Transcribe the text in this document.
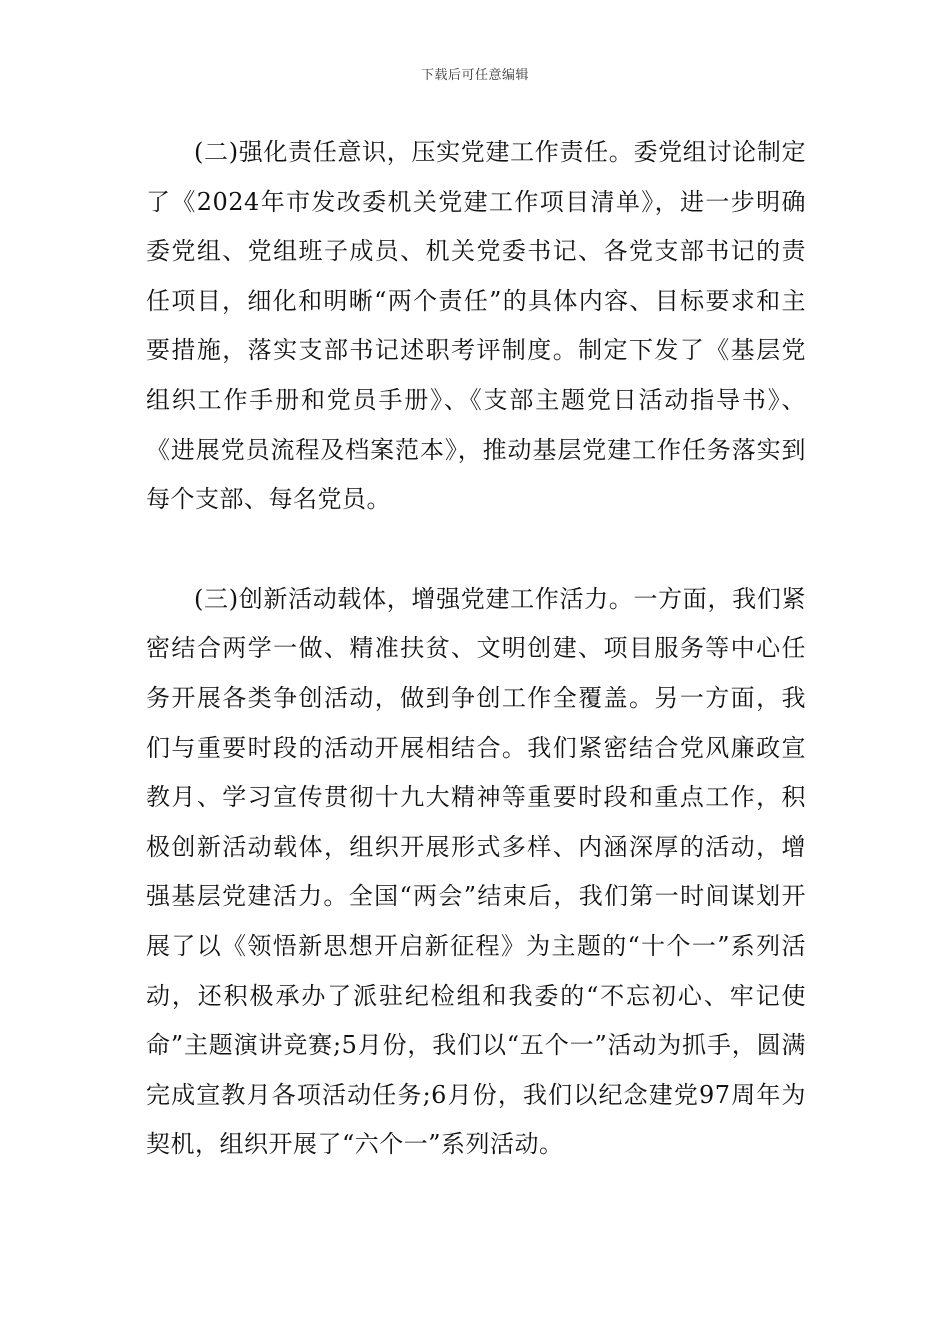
下载后可任意编辑

(二)强化责任意识，压实党建工作责任。委党组讨论制定了《2024年市发改委机关党建工作项目清单》，进一步明确委党组、党组班子成员、机关党委书记、各党支部书记的责任项目，细化和明晰“两个责任”的具体内容、目标要求和主要措施，落实支部书记述职考评制度。制定下发了《基层党组织工作手册和党员手册》、《支部主题党日活动指导书》、《进展党员流程及档案范本》，推动基层党建工作任务落实到每个支部、每名党员。

(三)创新活动载体，增强党建工作活力。一方面，我们紧密结合两学一做、精准扶贫、文明创建、项目服务等中心任务开展各类争创活动，做到争创工作全覆盖。另一方面，我们与重要时段的活动开展相结合。我们紧密结合党风廉政宣教月、学习宣传贯彻十九大精神等重要时段和重点工作，积极创新活动载体，组织开展形式多样、内涵深厚的活动，增强基层党建活力。全国“两会”结束后，我们第一时间谋划开展了以《领悟新思想开启新征程》为主题的“十个一”系列活动，还积极承办了派驻纪检组和我委的“不忘初心、牢记使命”主题演讲竞赛;5月份，我们以“五个一”活动为抓手，圆满完成宣教月各项活动任务;6月份，我们以纪念建党97周年为契机，组织开展了“六个一”系列活动。
